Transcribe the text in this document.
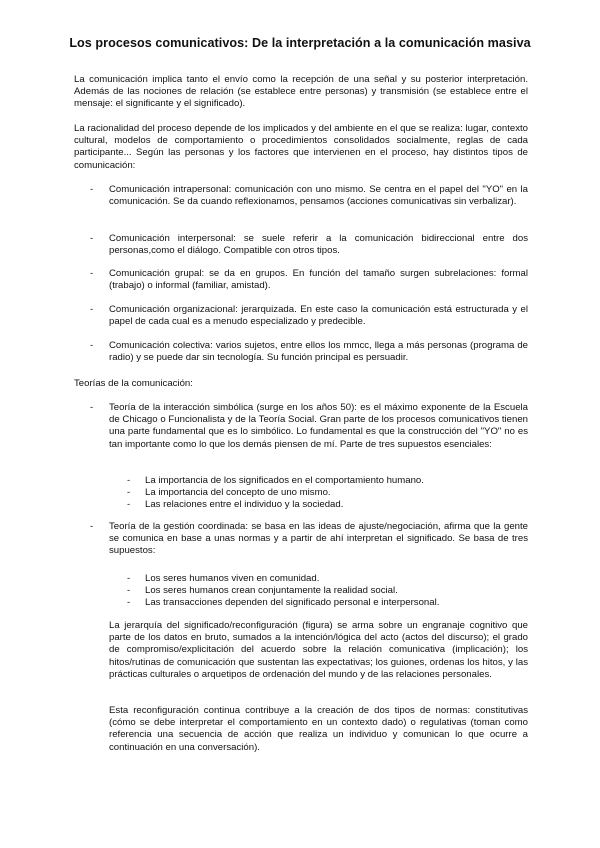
Los procesos comunicativos: De la interpretación a la comunicación masiva

La comunicación implica tanto el envío como la recepción de una señal y su posterior interpretación. Además de las nociones de relación (se establece entre personas) y transmisión (se establece entre el mensaje: el significante y el significado).

La racionalidad del proceso depende de los implicados y del ambiente en el que se realiza: lugar, contexto cultural, modelos de comportamiento o procedimientos consolidados socialmente, reglas de cada participante... Según las personas y los factores que intervienen en el proceso, hay distintos tipos de comunicación:

- Comunicación intrapersonal: comunicación con uno mismo. Se centra en el papel del "YO" en la comunicación. Se da cuando reflexionamos, pensamos (acciones comunicativas sin verbalizar).

- Comunicación interpersonal: se suele referir a la comunicación bidireccional entre dos personas,como el diálogo. Compatible con otros tipos.

- Comunicación grupal: se da en grupos. En función del tamaño surgen subrelaciones: formal (trabajo) o informal (familiar, amistad).

- Comunicación organizacional: jerarquizada. En este caso la comunicación está estructurada y el papel de cada cual es a menudo especializado y predecible.

- Comunicación colectiva: varios sujetos, entre ellos los mmcc, llega a más personas (programa de radio) y se puede dar sin tecnología. Su función principal es persuadir.

Teorías de la comunicación:

- Teoría de la interacción simbólica (surge en los años 50): es el máximo exponente de la Escuela de Chicago o Funcionalista y de la Teoría Social. Gran parte de los procesos comunicativos tienen una parte fundamental que es lo simbólico. Lo fundamental es que la construcción del "YO" no es tan importante como lo que los demás piensen de mí. Parte de tres supuestos esenciales:

- La importancia de los significados en el comportamiento humano.

- La importancia del concepto de uno mismo.

- Las relaciones entre el individuo y la sociedad.

- Teoría de la gestión coordinada: se basa en las ideas de ajuste/negociación, afirma que la gente se comunica en base a unas normas y a partir de ahí interpretan el significado. Se basa de tres supuestos:

- Los seres humanos viven en comunidad.

- Los seres humanos crean conjuntamente la realidad social.

- Las transacciones dependen del significado personal e interpersonal.

La jerarquía del significado/reconfiguración (figura) se arma sobre un engranaje cognitivo que parte de los datos en bruto, sumados a la intención/lógica del acto (actos del discurso); el grado de compromiso/explicitación del acuerdo sobre la relación comunicativa (implicación); los hitos/rutinas de comunicación que sustentan las expectativas; los guiones, ordenas los hitos, y las prácticas culturales o arquetipos de ordenación del mundo y de las relaciones personales.

Esta reconfiguración continua contribuye a la creación de dos tipos de normas: constitutivas (cómo se debe interpretar el comportamiento en un contexto dado) o regulativas (toman como referencia una secuencia de acción que realiza un individuo y comunican lo que ocurre a continuación en una conversación).
